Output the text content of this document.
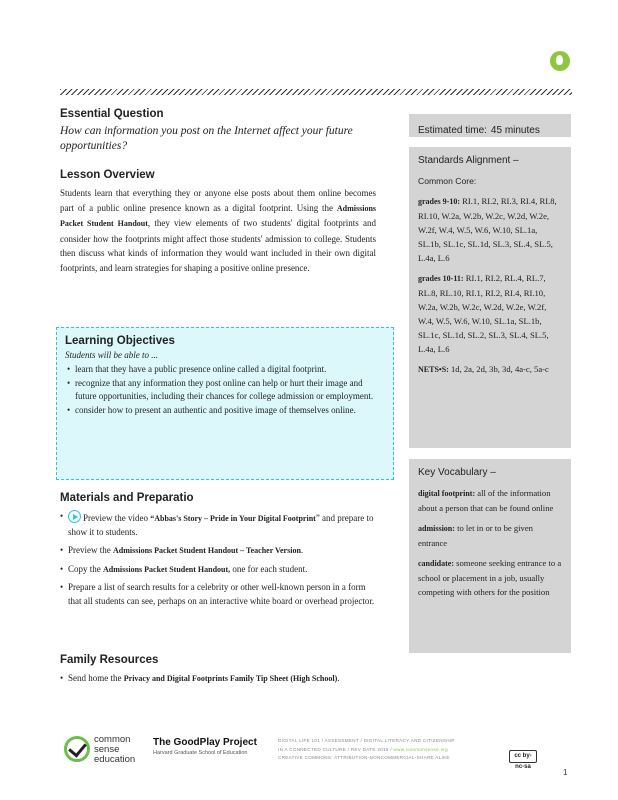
Essential Question

How can information you post on the Internet affect your future opportunities?

Lesson Overview

Students learn that everything they or anyone else posts about them online becomes part of a public online presence known as a digital footprint. Using the Admissions Packet Student Handout, they view elements of two students' digital footprints and consider how the footprints might affect those students' admission to college. Students then discuss what kinds of information they would want included in their own digital footprints, and learn strategies for shaping a positive online presence.

Learning Objectives
Students will be able to ...
• learn that they have a public presence online called a digital footprint.
• recognize that any information they post online can help or hurt their image and future opportunities, including their chances for college admission or employment.
• consider how to present an authentic and positive image of themselves online.
Materials and Preparatio
• Preview the video “Abbas's Story – Pride in Your Digital Footprint” and prepare to show it to students.
• Preview the Admissions Packet Student Handout – Teacher Version.
• Copy the Admissions Packet Student Handout, one for each student.
• Prepare a list of search results for a celebrity or other well-known person in a form that all students can see, perhaps on an interactive white board or overhead projector.
Family Resources
• Send home the Privacy and Digital Footprints Family Tip Sheet (High School).
Estimated time: 45 minutes
Standards Alignment –

Common Core:

grades 9-10: RI.1, RI.2, RI.3, RI.4, RI.8, RI.10, W.2a, W.2b, W.2c, W.2d, W.2e, W.2f, W.4, W.5, W.6, W.10, SL.1a, SL.1b, SL.1c, SL.1d, SL.3, SL.4, SL.5, L.4a, L.6

grades 10-11: RI.1, RI.2, RL.4, RL.7, RL.8, RL.10, RI.1, RI.2, RI.4, RI.10, W.2a, W.2b, W.2c, W.2d, W.2e, W.2f, W.4, W.5, W.6, W.10, SL.1a, SL.1b, SL.1c, SL.1d, SL.2, SL.3, SL.4, SL.5, L.4a, L.6

NETS•S: 1d, 2a, 2d, 3b, 3d, 4a-c, 5a-c

Key Vocabulary –

digital footprint: all of the information about a person that can be found online

admission: to let in or to be given entrance

candidate: someone seeking entrance to a school or placement in a job, usually competing with others for the position

common
sense
education
The GoodPlay Project
Harvard Graduate School of Education
DIGITAL LIFE 101 / ASSESSMENT / DIGITAL LITERACY AND CITIZENSHIP
IN A CONNECTED CULTURE / REV DATE 2015 / www.commonsense.org
CREATIVE COMMONS: ATTRIBUTION-NONCOMMERCIAL-SHARE ALIKE	cc by-nc-sa
1
